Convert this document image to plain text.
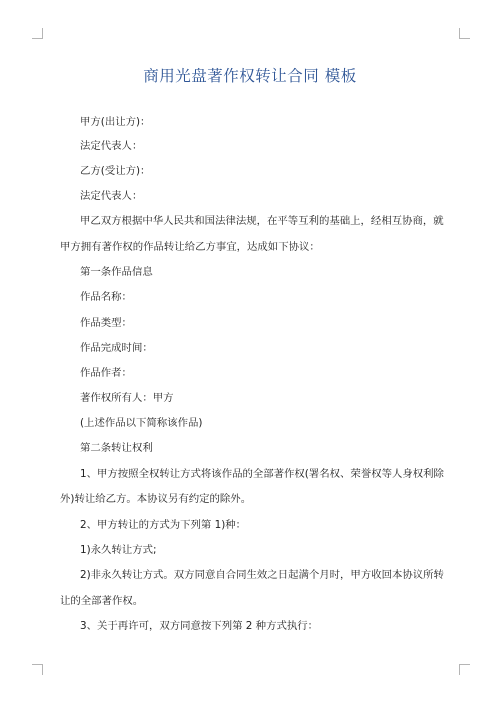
商用光盘著作权转让合同 模板
甲方(出让方)：
法定代表人：
乙方(受让方)：
法定代表人：
甲乙双方根据中华人民共和国法律法规，在平等互利的基础上，经相互协商，就
甲方拥有著作权的作品转让给乙方事宜，达成如下协议：
第一条作品信息
作品名称：
作品类型：
作品完成时间：
作品作者：
著作权所有人：甲方
(上述作品以下简称该作品)
第二条转让权利
1、甲方按照全权转让方式将该作品的全部著作权(署名权、荣誉权等人身权利除
外)转让给乙方。本协议另有约定的除外。
2、甲方转让的方式为下列第 1)种：
1)永久转让方式;
2)非永久转让方式。双方同意自合同生效之日起满个月时，甲方收回本协议所转
让的全部著作权。
3、关于再许可，双方同意按下列第 2 种方式执行：
